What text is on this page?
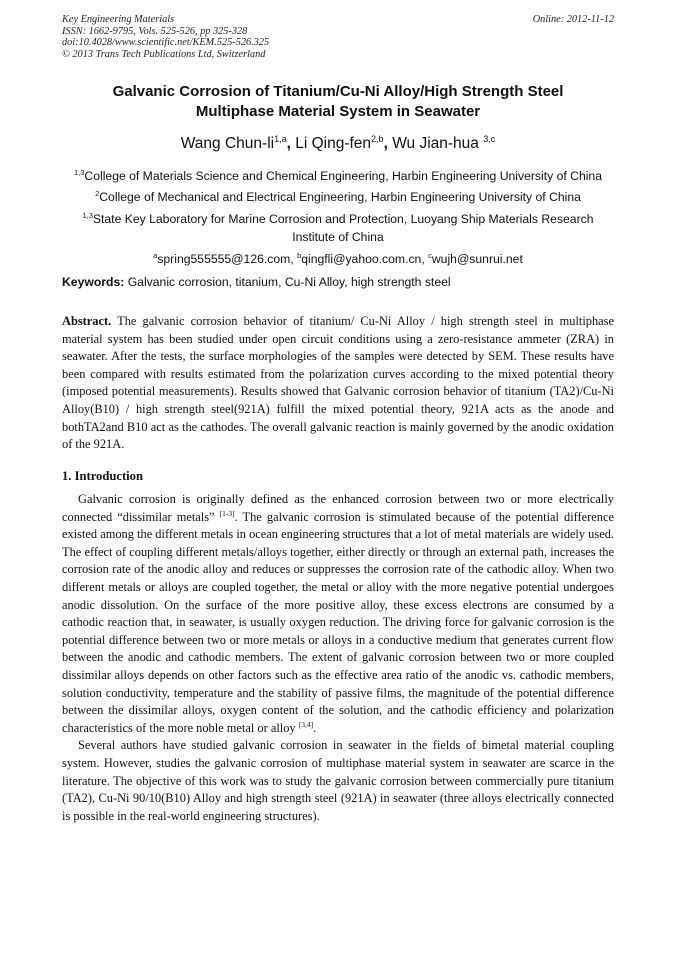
Key Engineering Materials
ISSN: 1662-9795, Vols. 525-526, pp 325-328
doi:10.4028/www.scientific.net/KEM.525-526.325
© 2013 Trans Tech Publications Ltd, Switzerland
Online: 2012-11-12
Galvanic Corrosion of Titanium/Cu-Ni Alloy/High Strength Steel
Multiphase Material System in Seawater
Wang Chun-li$^{1,a}$, Li Qing-fen$^{2,b}$, Wu Jian-hua $^{3,c}$
$^{1,3}$College of Materials Science and Chemical Engineering, Harbin Engineering University of China
$^2$College of Mechanical and Electrical Engineering, Harbin Engineering University of China
$^{1,3}$State Key Laboratory for Marine Corrosion and Protection, Luoyang Ship Materials Research
Institute of China
$^a$spring555555@126.com, $^b$qingfli@yahoo.com.cn, $^c$wujh@sunrui.net
Keywords: Galvanic corrosion, titanium, Cu-Ni Alloy, high strength steel
Abstract. The galvanic corrosion behavior of titanium/ Cu-Ni Alloy / high strength steel in multiphase material system has been studied under open circuit conditions using a zero-resistance ammeter (ZRA) in seawater. After the tests, the surface morphologies of the samples were detected by SEM. These results have been compared with results estimated from the polarization curves according to the mixed potential theory (imposed potential measurements). Results showed that Galvanic corrosion behavior of titanium (TA2)/Cu-Ni Alloy(B10) / high strength steel(921A) fulfill the mixed potential theory, 921A acts as the anode and bothTA2and B10 act as the cathodes. The overall galvanic reaction is mainly governed by the anodic oxidation of the 921A.
1. Introduction

Galvanic corrosion is originally defined as the enhanced corrosion between two or more electrically connected “dissimilar metals” [1-3]. The galvanic corrosion is stimulated because of the potential difference existed among the different metals in ocean engineering structures that a lot of metal materials are widely used. The effect of coupling different metals/alloys together, either directly or through an external path, increases the corrosion rate of the anodic alloy and reduces or suppresses the corrosion rate of the cathodic alloy. When two different metals or alloys are coupled together, the metal or alloy with the more negative potential undergoes anodic dissolution. On the surface of the more positive alloy, these excess electrons are consumed by a cathodic reaction that, in seawater, is usually oxygen reduction. The driving force for galvanic corrosion is the potential difference between two or more metals or alloys in a conductive medium that generates current flow between the anodic and cathodic members. The extent of galvanic corrosion between two or more coupled dissimilar alloys depends on other factors such as the effective area ratio of the anodic vs. cathodic members, solution conductivity, temperature and the stability of passive films, the magnitude of the potential difference between the dissimilar alloys, oxygen content of the solution, and the cathodic efficiency and polarization characteristics of the more noble metal or alloy [3,4].

Several authors have studied galvanic corrosion in seawater in the fields of bimetal material coupling system. However, studies the galvanic corrosion of multiphase material system in seawater are scarce in the literature. The objective of this work was to study the galvanic corrosion between commercially pure titanium (TA2), Cu-Ni 90/10(B10) Alloy and high strength steel (921A) in seawater (three alloys electrically connected is possible in the real-world engineering structures).
